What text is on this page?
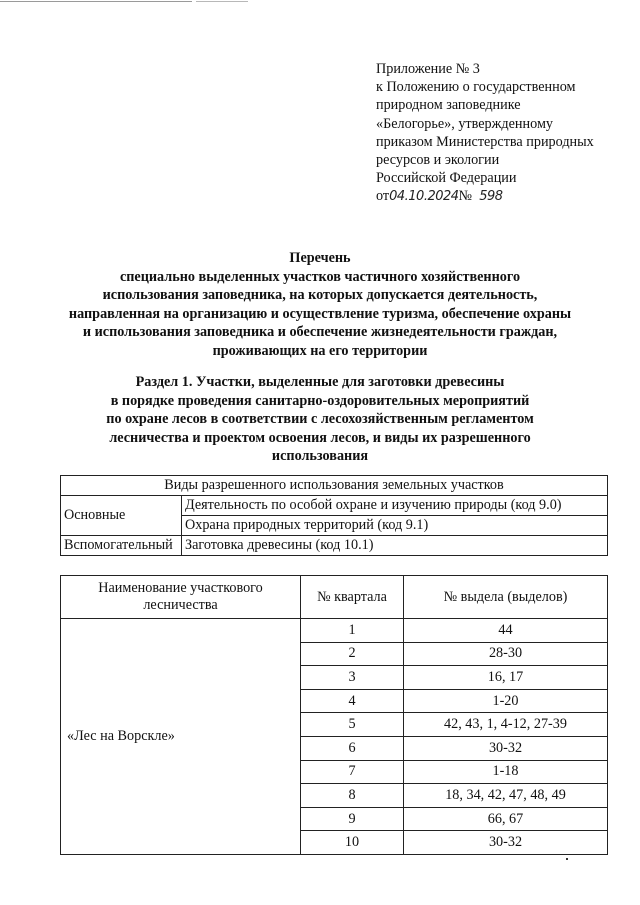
Приложение № 3
к Положению о государственном
природном заповеднике
«Белогорье», утвержденному
приказом Министерства природных
ресурсов и экологии
Российской Федерации
от04.10.2024№ 598
Перечень
специально выделенных участков частичного хозяйственного
использования заповедника, на которых допускается деятельность,
направленная на организацию и осуществление туризма, обеспечение охраны
и использования заповедника и обеспечение жизнедеятельности граждан,
проживающих на его территории
Раздел 1. Участки, выделенные для заготовки древесины
в порядке проведения санитарно-оздоровительных мероприятий
по охране лесов в соответствии с лесохозяйственным регламентом
лесничества и проектом освоения лесов, и виды их разрешенного
использования
Виды разрешенного использования земельных участков	
Основные	Деятельность по особой охране и изучению природы (код 9.0)
	Охрана природных территорий (код 9.1)
Вспомогательный	Заготовка древесины (код 10.1)
Наименование участкового лесничества	№ квартала	№ выдела (выделов)
«Лес на Ворскле»	1	44
	2	28-30
	3	16, 17
	4	1-20
	5	42, 43, 1, 4-12, 27-39
	6	30-32
	7	1-18
	8	18, 34, 42, 47, 48, 49
	9	66, 67
	10	30-32
